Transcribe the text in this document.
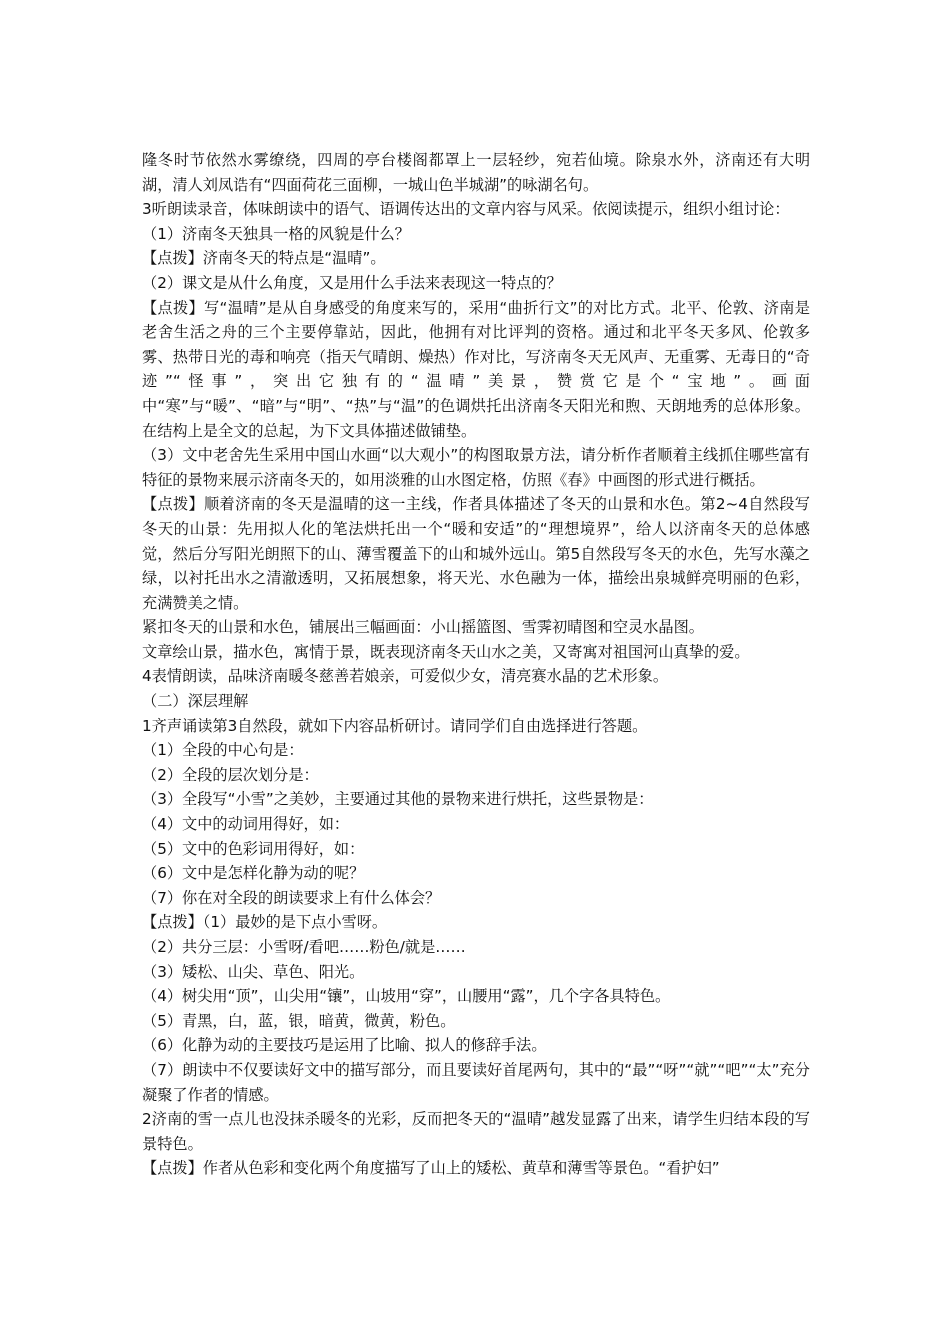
隆冬时节依然水雾缭绕，四周的亭台楼阁都罩上一层轻纱，宛若仙境。除泉水外，济南还有大明湖，清人刘凤诰有“四面荷花三面柳，一城山色半城湖”的咏湖名句。

3听朗读录音，体味朗读中的语气、语调传达出的文章内容与风采。依阅读提示，组织小组讨论：

（1）济南冬天独具一格的风貌是什么？

【点拨】济南冬天的特点是“温晴”。

（2）课文是从什么角度，又是用什么手法来表现这一特点的？

【点拨】写“温晴”是从自身感受的角度来写的，采用“曲折行文”的对比方式。北平、伦敦、济南是老舍生活之舟的三个主要停靠站，因此，他拥有对比评判的资格。通过和北平冬天多风、伦敦多雾、热带日光的毒和响亮（指天气晴朗、燥热）作对比，写济南冬天无风声、无重雾、无毒日的“奇迹”“怪事”，突出它独有的“温晴”美景，赞赏它是个“宝地”。画面中“寒”与“暖”、“暗”与“明”、“热”与“温”的色调烘托出济南冬天阳光和煦、天朗地秀的总体形象。在结构上是全文的总起，为下文具体描述做铺垫。

（3）文中老舍先生采用中国山水画“以大观小”的构图取景方法，请分析作者顺着主线抓住哪些富有特征的景物来展示济南冬天的，如用淡雅的山水图定格，仿照《春》中画图的形式进行概括。

【点拨】顺着济南的冬天是温晴的这一主线，作者具体描述了冬天的山景和水色。第2~4自然段写冬天的山景：先用拟人化的笔法烘托出一个“暖和安适”的“理想境界”，给人以济南冬天的总体感觉，然后分写阳光朗照下的山、薄雪覆盖下的山和城外远山。第5自然段写冬天的水色，先写水藻之绿，以衬托出水之清澈透明，又拓展想象，将天光、水色融为一体，描绘出泉城鲜亮明丽的色彩，充满赞美之情。

紧扣冬天的山景和水色，铺展出三幅画面：小山摇篮图、雪霁初晴图和空灵水晶图。

文章绘山景，描水色，寓情于景，既表现济南冬天山水之美，又寄寓对祖国河山真挚的爱。

4表情朗读，品味济南暖冬慈善若娘亲，可爱似少女，清亮赛水晶的艺术形象。

（二）深层理解

1齐声诵读第3自然段，就如下内容品析研讨。请同学们自由选择进行答题。

（1）全段的中心句是：

（2）全段的层次划分是：

（3）全段写“小雪”之美妙，主要通过其他的景物来进行烘托，这些景物是：

（4）文中的动词用得好，如：

（5）文中的色彩词用得好，如：

（6）文中是怎样化静为动的呢？

（7）你在对全段的朗读要求上有什么体会？

【点拨】（1）最妙的是下点小雪呀。

（2）共分三层：小雪呀/看吧……粉色/就是……

（3）矮松、山尖、草色、阳光。

（4）树尖用“顶”，山尖用“镶”，山坡用“穿”，山腰用“露”，几个字各具特色。

（5）青黑，白，蓝，银，暗黄，微黄，粉色。

（6）化静为动的主要技巧是运用了比喻、拟人的修辞手法。

（7）朗读中不仅要读好文中的描写部分，而且要读好首尾两句，其中的“最”“呀”“就”“吧”“太”充分凝聚了作者的情感。

2济南的雪一点儿也没抹杀暖冬的光彩，反而把冬天的“温晴”越发显露了出来，请学生归结本段的写景特色。

【点拨】作者从色彩和变化两个角度描写了山上的矮松、黄草和薄雪等景色。“看护妇”
